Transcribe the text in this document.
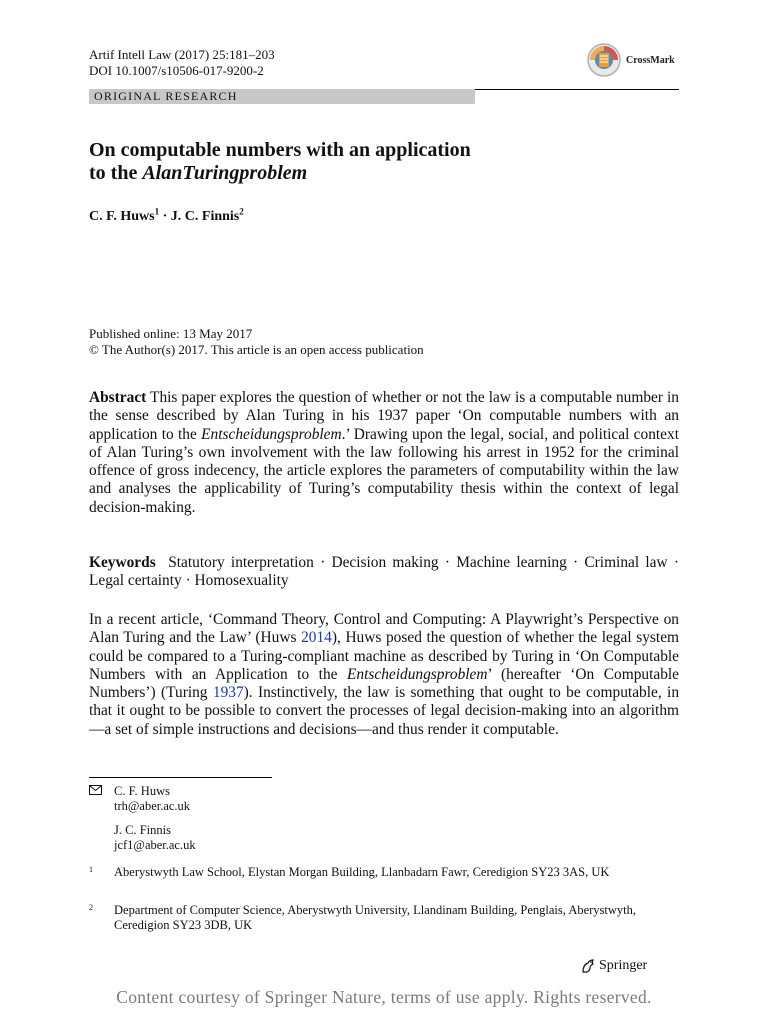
Artif Intell Law (2017) 25:181–203
DOI 10.1007/s10506-017-9200-2
CrossMark
ORIGINAL RESEARCH
On computable numbers with an application
to the AlanTuringproblem
C. F. Huws$^1$ · J. C. Finnis$^2$
Published online: 13 May 2017
© The Author(s) 2017. This article is an open access publication
Abstract This paper explores the question of whether or not the law is a computable number in the sense described by Alan Turing in his 1937 paper ‘On computable numbers with an application to the Entscheidungsproblem.’ Drawing upon the legal, social, and political context of Alan Turing’s own involvement with the law following his arrest in 1952 for the criminal offence of gross indecency, the article explores the parameters of computability within the law and analyses the applicability of Turing’s computability thesis within the context of legal decision-making.
Keywords  Statutory interpretation · Decision making · Machine learning · Criminal law · Legal certainty · Homosexuality
In a recent article, ‘Command Theory, Control and Computing: A Playwright’s Perspective on Alan Turing and the Law’ (Huws 2014), Huws posed the question of whether the legal system could be compared to a Turing-compliant machine as described by Turing in ‘On Computable Numbers with an Application to the Entscheidungsproblem’ (hereafter ‘On Computable Numbers’) (Turing 1937). Instinctively, the law is something that ought to be computable, in that it ought to be possible to convert the processes of legal decision-making into an algorithm—a set of simple instructions and decisions—and thus render it computable.
C. F. Huws
trh@aber.ac.uk
J. C. Finnis
jcf1@aber.ac.uk
1	Aberystwyth Law School, Elystan Morgan Building, Llanbadarn Fawr, Ceredigion SY23 3AS, UK
2	Department of Computer Science, Aberystwyth University, Llandinam Building, Penglais, Aberystwyth, Ceredigion SY23 3DB, UK
Springer
Content courtesy of Springer Nature, terms of use apply. Rights reserved.
